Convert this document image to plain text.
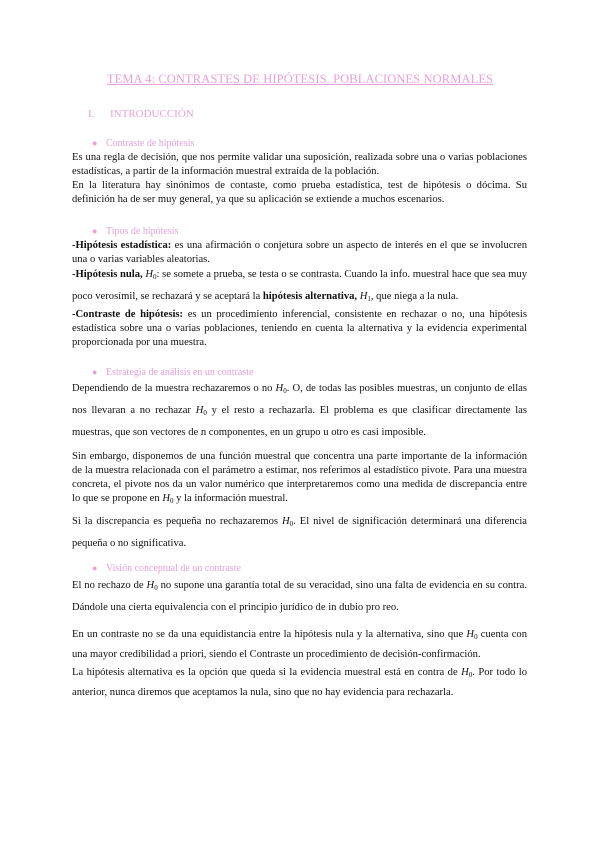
TEMA 4: CONTRASTES DE HIPÓTESIS. POBLACIONES NORMALES
I. INTRODUCCIÓN
● Contraste de hipótesis
Es una regla de decisión, que nos permite validar una suposición, realizada sobre una o varias poblaciones estadísticas, a partir de la información muestral extraída de la población.
En la literatura hay sinónimos de contaste, como prueba estadística, test de hipótesis o dócima. Su definición ha de ser muy general, ya que su aplicación se extiende a muchos escenarios.
● Tipos de hipótesis
-Hipótesis estadística: es una afirmación o conjetura sobre un aspecto de interés en el que se involucren una o varias variables aleatorias.
-Hipótesis nula, $H_0$: se somete a prueba, se testa o se contrasta. Cuando la info. muestral hace que sea muy poco verosímil, se rechazará y se aceptará la hipótesis alternativa, $H_1$, que niega a la nula.
-Contraste de hipótesis: es un procedimiento inferencial, consistente en rechazar o no, una hipótesis estadística sobre una o varias poblaciones, teniendo en cuenta la alternativa y la evidencia experimental proporcionada por una muestra.
● Estrategia de análisis en un contraste
Dependiendo de la muestra rechazaremos o no $H_0$. O, de todas las posibles muestras, un conjunto de ellas nos llevaran a no rechazar $H_0$ y el resto a rechazarla. El problema es que clasificar directamente las muestras, que son vectores de n componentes, en un grupo u otro es casi imposible.
Sin embargo, disponemos de una función muestral que concentra una parte importante de la información de la muestra relacionada con el parámetro a estimar, nos referimos al estadístico pivote. Para una muestra concreta, el pivote nos da un valor numérico que interpretaremos como una medida de discrepancia entre lo que se propone en $H_0$ y la información muestral.
Si la discrepancia es pequeña no rechazaremos $H_0$. El nivel de significación determinará una diferencia pequeña o no significativa.
● Visión conceptual de un contraste
El no rechazo de $H_0$ no supone una garantía total de su veracidad, sino una falta de evidencia en su contra. Dándole una cierta equivalencia con el principio jurídico de in dubio pro reo.
En un contraste no se da una equidistancia entre la hipótesis nula y la alternativa, sino que $H_0$ cuenta con una mayor credibilidad a priori, siendo el Contraste un procedimiento de decisión-confirmación.
La hipótesis alternativa es la opción que queda si la evidencia muestral está en contra de $H_0$. Por todo lo anterior, nunca diremos que aceptamos la nula, sino que no hay evidencia para rechazarla.
